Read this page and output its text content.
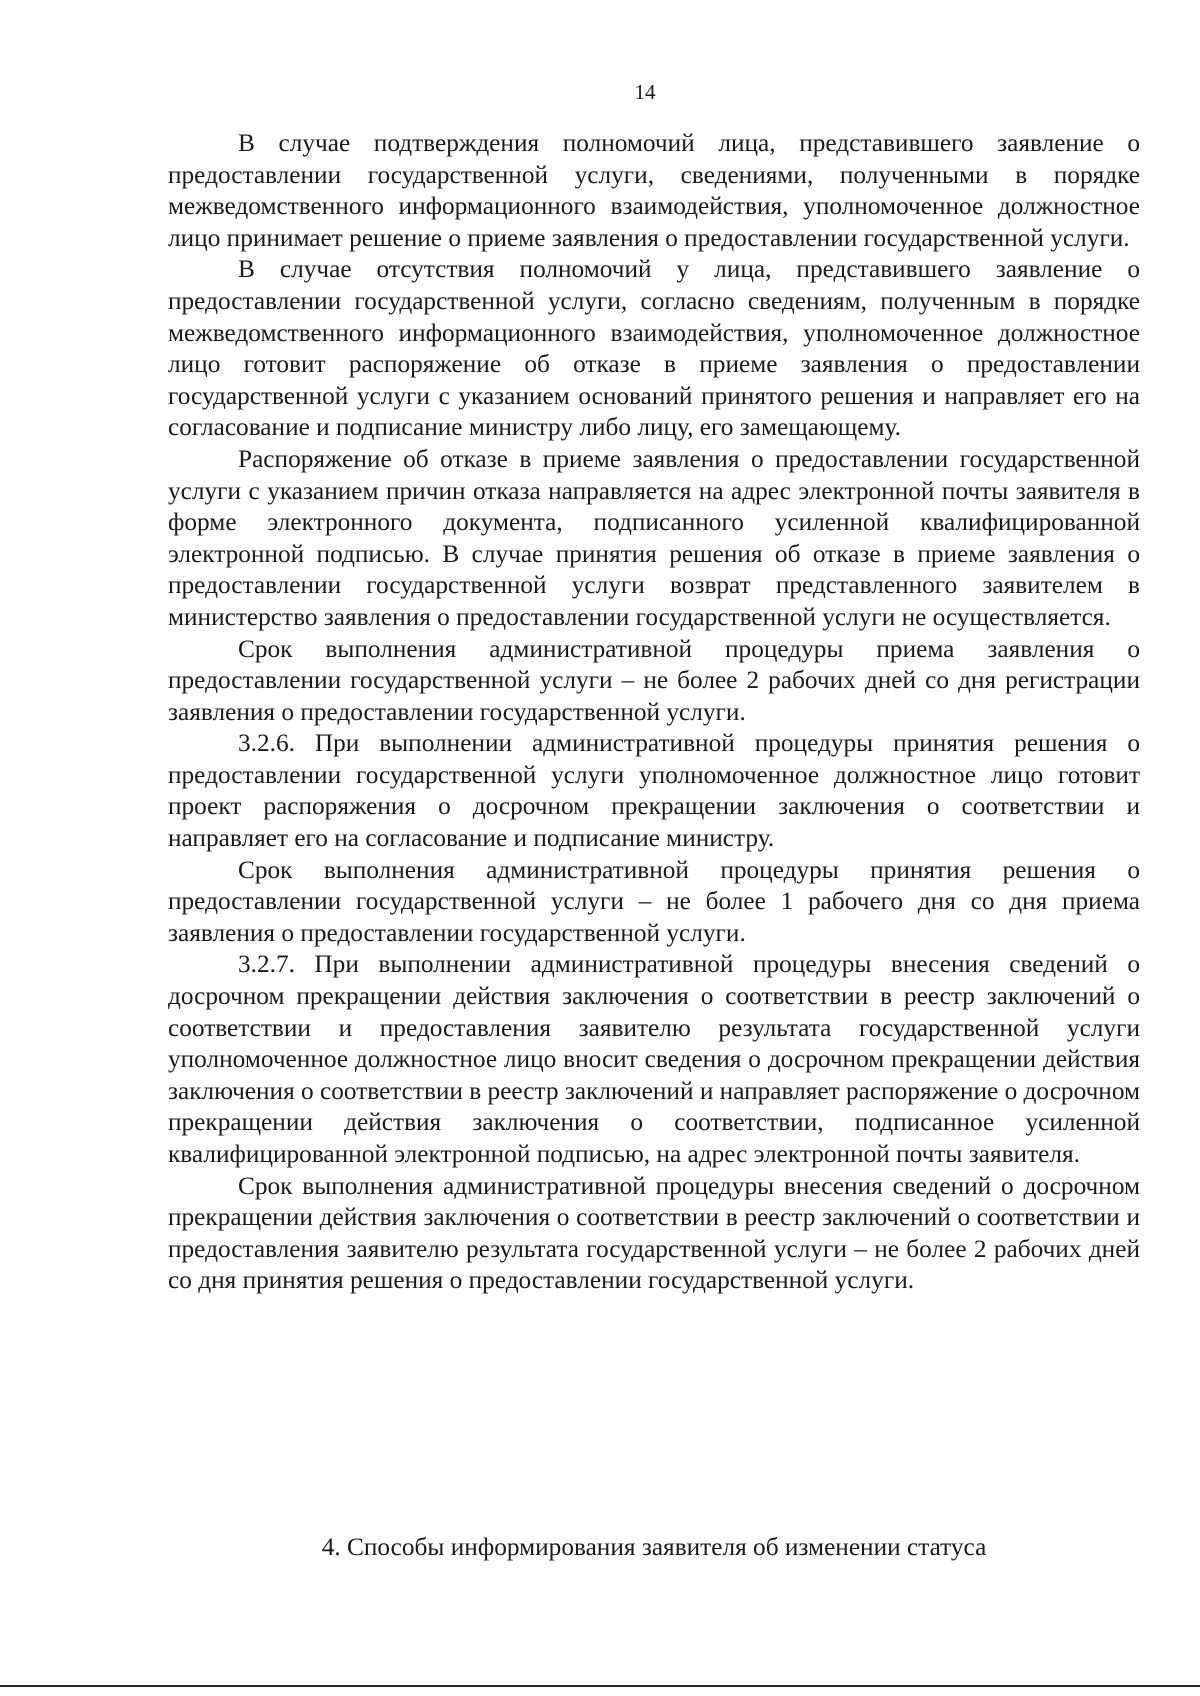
14

В случае подтверждения полномочий лица, представившего заявление о предоставлении государственной услуги, сведениями, полученными в порядке межведомственного информационного взаимодействия, уполномоченное должностное лицо принимает решение о приеме заявления о предоставлении государственной услуги.

В случае отсутствия полномочий у лица, представившего заявление о предоставлении государственной услуги, согласно сведениям, полученным в порядке межведомственного информационного взаимодействия, уполномоченное должностное лицо готовит распоряжение об отказе в приеме заявления о предоставлении государственной услуги с указанием оснований принятого решения и направляет его на согласование и подписание министру либо лицу, его замещающему.

Распоряжение об отказе в приеме заявления о предоставлении государственной услуги с указанием причин отказа направляется на адрес электронной почты заявителя в форме электронного документа, подписанного усиленной квалифицированной электронной подписью. В случае принятия решения об отказе в приеме заявления о предоставлении государственной услуги возврат представленного заявителем в министерство заявления о предоставлении государственной услуги не осуществляется.

Срок выполнения административной процедуры приема заявления о предоставлении государственной услуги – не более 2 рабочих дней со дня регистрации заявления о предоставлении государственной услуги.

3.2.6. При выполнении административной процедуры принятия решения о предоставлении государственной услуги уполномоченное должностное лицо готовит проект распоряжения о досрочном прекращении заключения о соответствии и направляет его на согласование и подписание министру.

Срок выполнения административной процедуры принятия решения о предоставлении государственной услуги – не более 1 рабочего дня со дня приема заявления о предоставлении государственной услуги.

3.2.7. При выполнении административной процедуры внесения сведений о досрочном прекращении действия заключения о соответствии в реестр заключений о соответствии и предоставления заявителю результата государственной услуги уполномоченное должностное лицо вносит сведения о досрочном прекращении действия заключения о соответствии в реестр заключений и направляет распоряжение о досрочном прекращении действия заключения о соответствии, подписанное усиленной квалифицированной электронной подписью, на адрес электронной почты заявителя.

Срок выполнения административной процедуры внесения сведений о досрочном прекращении действия заключения о соответствии в реестр заключений о соответствии и предоставления заявителю результата государственной услуги – не более 2 рабочих дней со дня принятия решения о предоставлении государственной услуги.

4. Способы информирования заявителя об изменении статуса
